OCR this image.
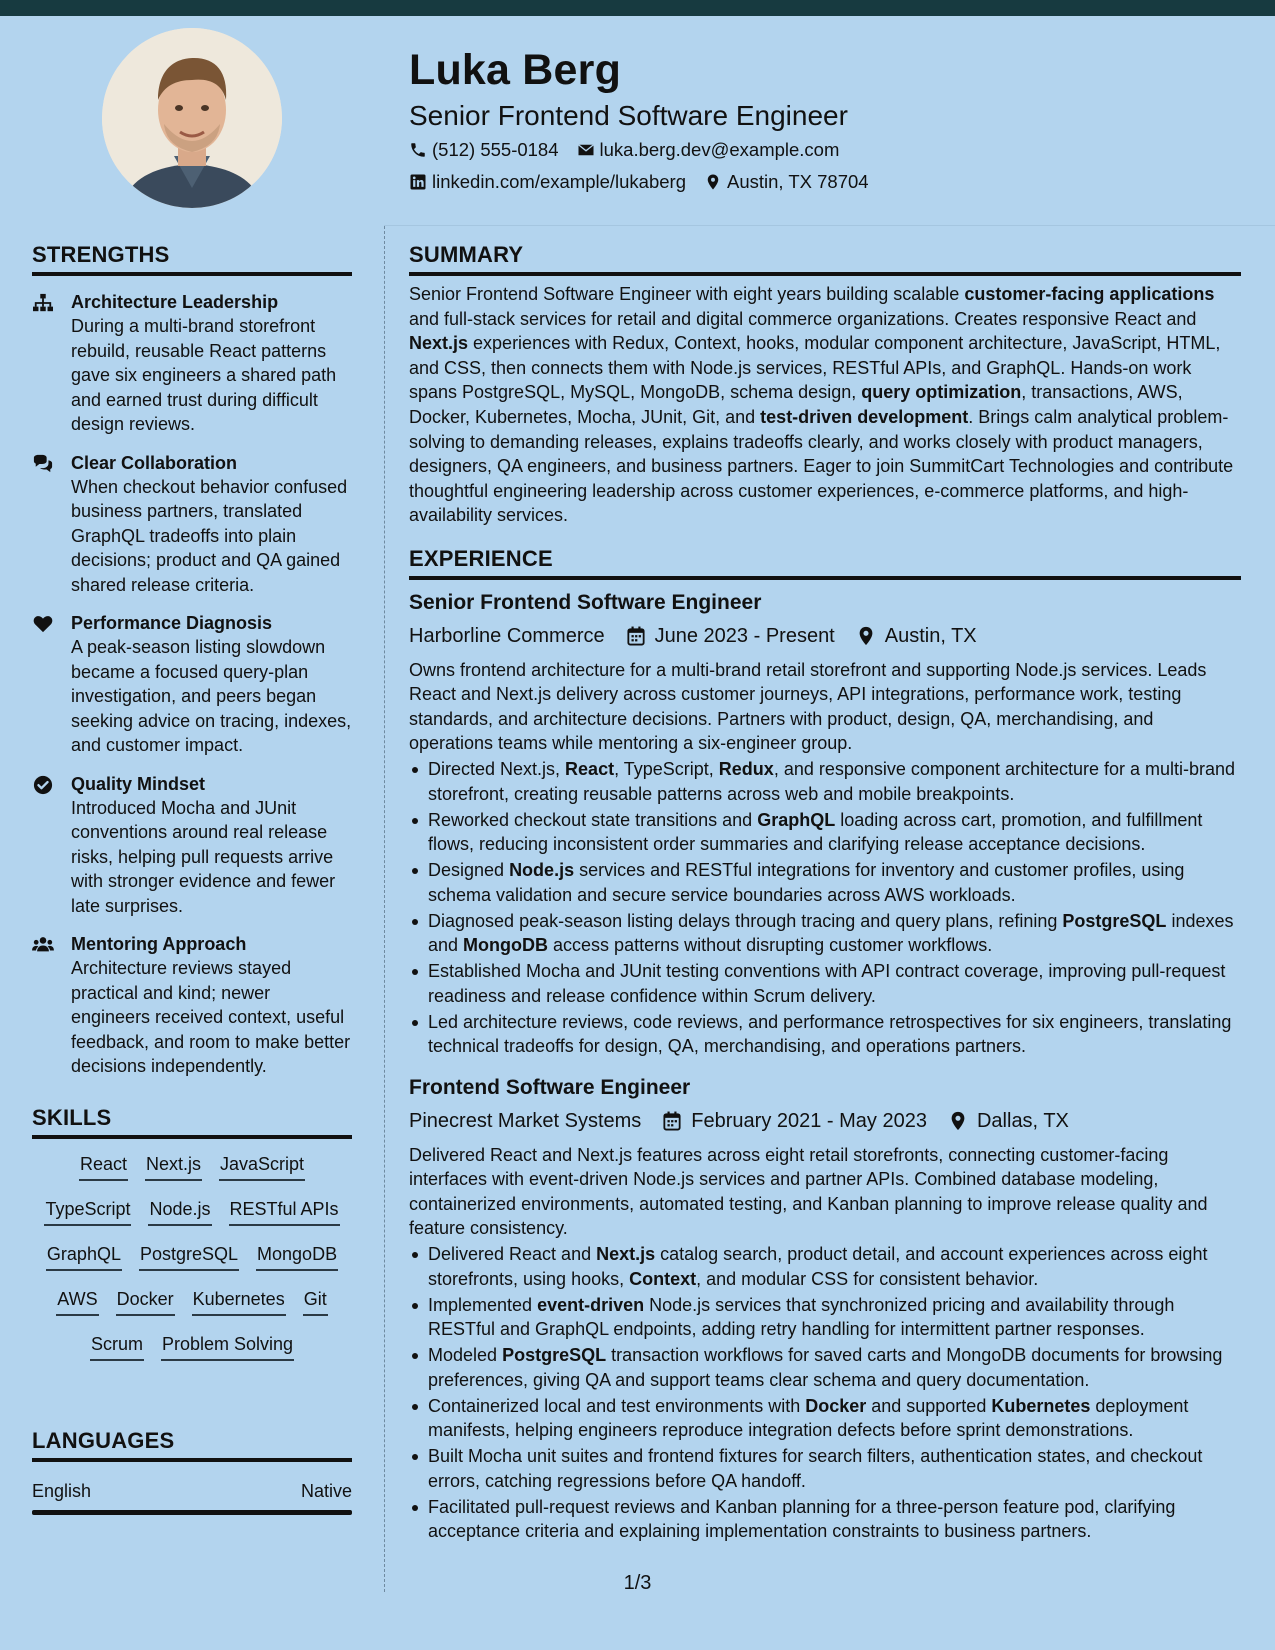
Luka Berg
Senior Frontend Software Engineer
(512) 555-0184 luka.berg.dev@example.com
linkedin.com/example/lukaberg Austin, TX 78704
STRENGTHS
Architecture Leadership
During a multi-brand storefront rebuild, reusable React patterns gave six engineers a shared path and earned trust during difficult design reviews.
Clear Collaboration
When checkout behavior confused business partners, translated GraphQL tradeoffs into plain decisions; product and QA gained shared release criteria.
Performance Diagnosis
A peak-season listing slowdown became a focused query-plan investigation, and peers began seeking advice on tracing, indexes, and customer impact.
Quality Mindset
Introduced Mocha and JUnit conventions around real release risks, helping pull requests arrive with stronger evidence and fewer late surprises.
Mentoring Approach
Architecture reviews stayed practical and kind; newer engineers received context, useful feedback, and room to make better decisions independently.
SKILLS
React Next.js JavaScript
TypeScript Node.js RESTful APIs
GraphQL PostgreSQL MongoDB
AWS Docker Kubernetes Git
Scrum Problem Solving
LANGUAGES
English	Native
SUMMARY

Senior Frontend Software Engineer with eight years building scalable customer-facing applications and full-stack services for retail and digital commerce organizations. Creates responsive React and Next.js experiences with Redux, Context, hooks, modular component architecture, JavaScript, HTML, and CSS, then connects them with Node.js services, RESTful APIs, and GraphQL. Hands-on work spans PostgreSQL, MySQL, MongoDB, schema design, query optimization, transactions, AWS, Docker, Kubernetes, Mocha, JUnit, Git, and test-driven development. Brings calm analytical problem-solving to demanding releases, explains tradeoffs clearly, and works closely with product managers, designers, QA engineers, and business partners. Eager to join SummitCart Technologies and contribute thoughtful engineering leadership across customer experiences, e-commerce platforms, and high-availability services.

EXPERIENCE
Senior Frontend Software Engineer
Harborline Commerce	June 2023 - Present	Austin, TX

Owns frontend architecture for a multi-brand retail storefront and supporting Node.js services. Leads React and Next.js delivery across customer journeys, API integrations, performance work, testing standards, and architecture decisions. Partners with product, design, QA, merchandising, and operations teams while mentoring a six-engineer group.

Directed Next.js, React, TypeScript, Redux, and responsive component architecture for a multi-brand storefront, creating reusable patterns across web and mobile breakpoints.
Reworked checkout state transitions and GraphQL loading across cart, promotion, and fulfillment flows, reducing inconsistent order summaries and clarifying release acceptance decisions.
Designed Node.js services and RESTful integrations for inventory and customer profiles, using schema validation and secure service boundaries across AWS workloads.
Diagnosed peak-season listing delays through tracing and query plans, refining PostgreSQL indexes and MongoDB access patterns without disrupting customer workflows.
Established Mocha and JUnit testing conventions with API contract coverage, improving pull-request readiness and release confidence within Scrum delivery.
Led architecture reviews, code reviews, and performance retrospectives for six engineers, translating technical tradeoffs for design, QA, merchandising, and operations partners.
Frontend Software Engineer
Pinecrest Market Systems	February 2021 - May 2023	Dallas, TX

Delivered React and Next.js features across eight retail storefronts, connecting customer-facing interfaces with event-driven Node.js services and partner APIs. Combined database modeling, containerized environments, automated testing, and Kanban planning to improve release quality and feature consistency.

Delivered React and Next.js catalog search, product detail, and account experiences across eight storefronts, using hooks, Context, and modular CSS for consistent behavior.
Implemented event-driven Node.js services that synchronized pricing and availability through RESTful and GraphQL endpoints, adding retry handling for intermittent partner responses.
Modeled PostgreSQL transaction workflows for saved carts and MongoDB documents for browsing preferences, giving QA and support teams clear schema and query documentation.
Containerized local and test environments with Docker and supported Kubernetes deployment manifests, helping engineers reproduce integration defects before sprint demonstrations.
Built Mocha unit suites and frontend fixtures for search filters, authentication states, and checkout errors, catching regressions before QA handoff.
Facilitated pull-request reviews and Kanban planning for a three-person feature pod, clarifying acceptance criteria and explaining implementation constraints to business partners.
1/3
